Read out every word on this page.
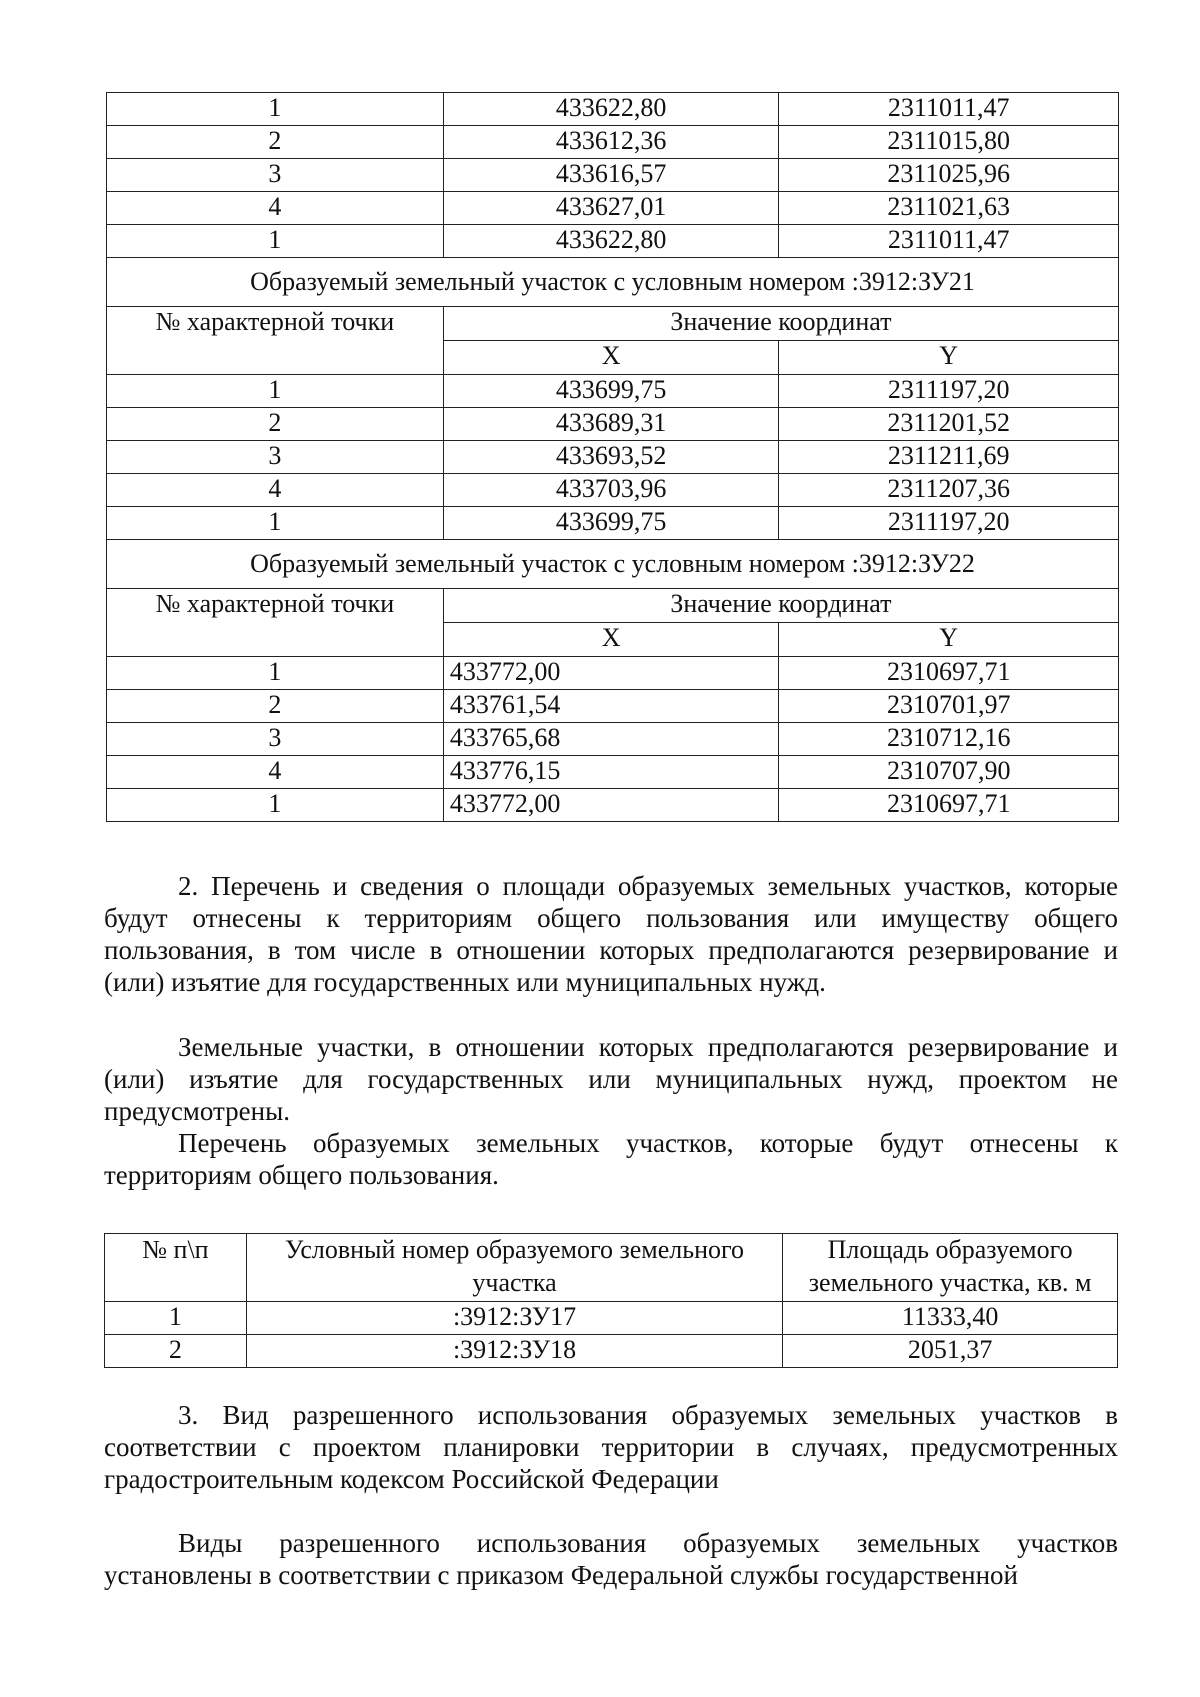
1	433622,80	2311011,47
2	433612,36	2311015,80
3	433616,57	2311025,96
4	433627,01	2311021,63
1	433622,80	2311011,47
Образуемый земельный участок с условным номером :3912:ЗУ21		
№ характерной точки	Значение координат	
	X	Y
1	433699,75	2311197,20
2	433689,31	2311201,52
3	433693,52	2311211,69
4	433703,96	2311207,36
1	433699,75	2311197,20
Образуемый земельный участок с условным номером :3912:ЗУ22		
№ характерной точки	Значение координат	
	X	Y
1	433772,00	2310697,71
2	433761,54	2310701,97
3	433765,68	2310712,16
4	433776,15	2310707,90
1	433772,00	2310697,71

2. Перечень и сведения о площади образуемых земельных участков, которые будут отнесены к территориям общего пользования или имуществу общего пользования, в том числе в отношении которых предполагаются резервирование и (или) изъятие для государственных или муниципальных нужд.

Земельные участки, в отношении которых предполагаются резервирование и (или) изъятие для государственных или муниципальных нужд, проектом не предусмотрены.

Перечень образуемых земельных участков, которые будут отнесены к территориям общего пользования.

№ п\п	Условный номер образуемого земельного участка	Площадь образуемого земельного участка, кв. м
1	:3912:ЗУ17	11333,40
2	:3912:ЗУ18	2051,37

3. Вид разрешенного использования образуемых земельных участков в соответствии с проектом планировки территории в случаях, предусмотренных градостроительным кодексом Российской Федерации

Виды разрешенного использования образуемых земельных участков установлены в соответствии с приказом Федеральной службы государственной
